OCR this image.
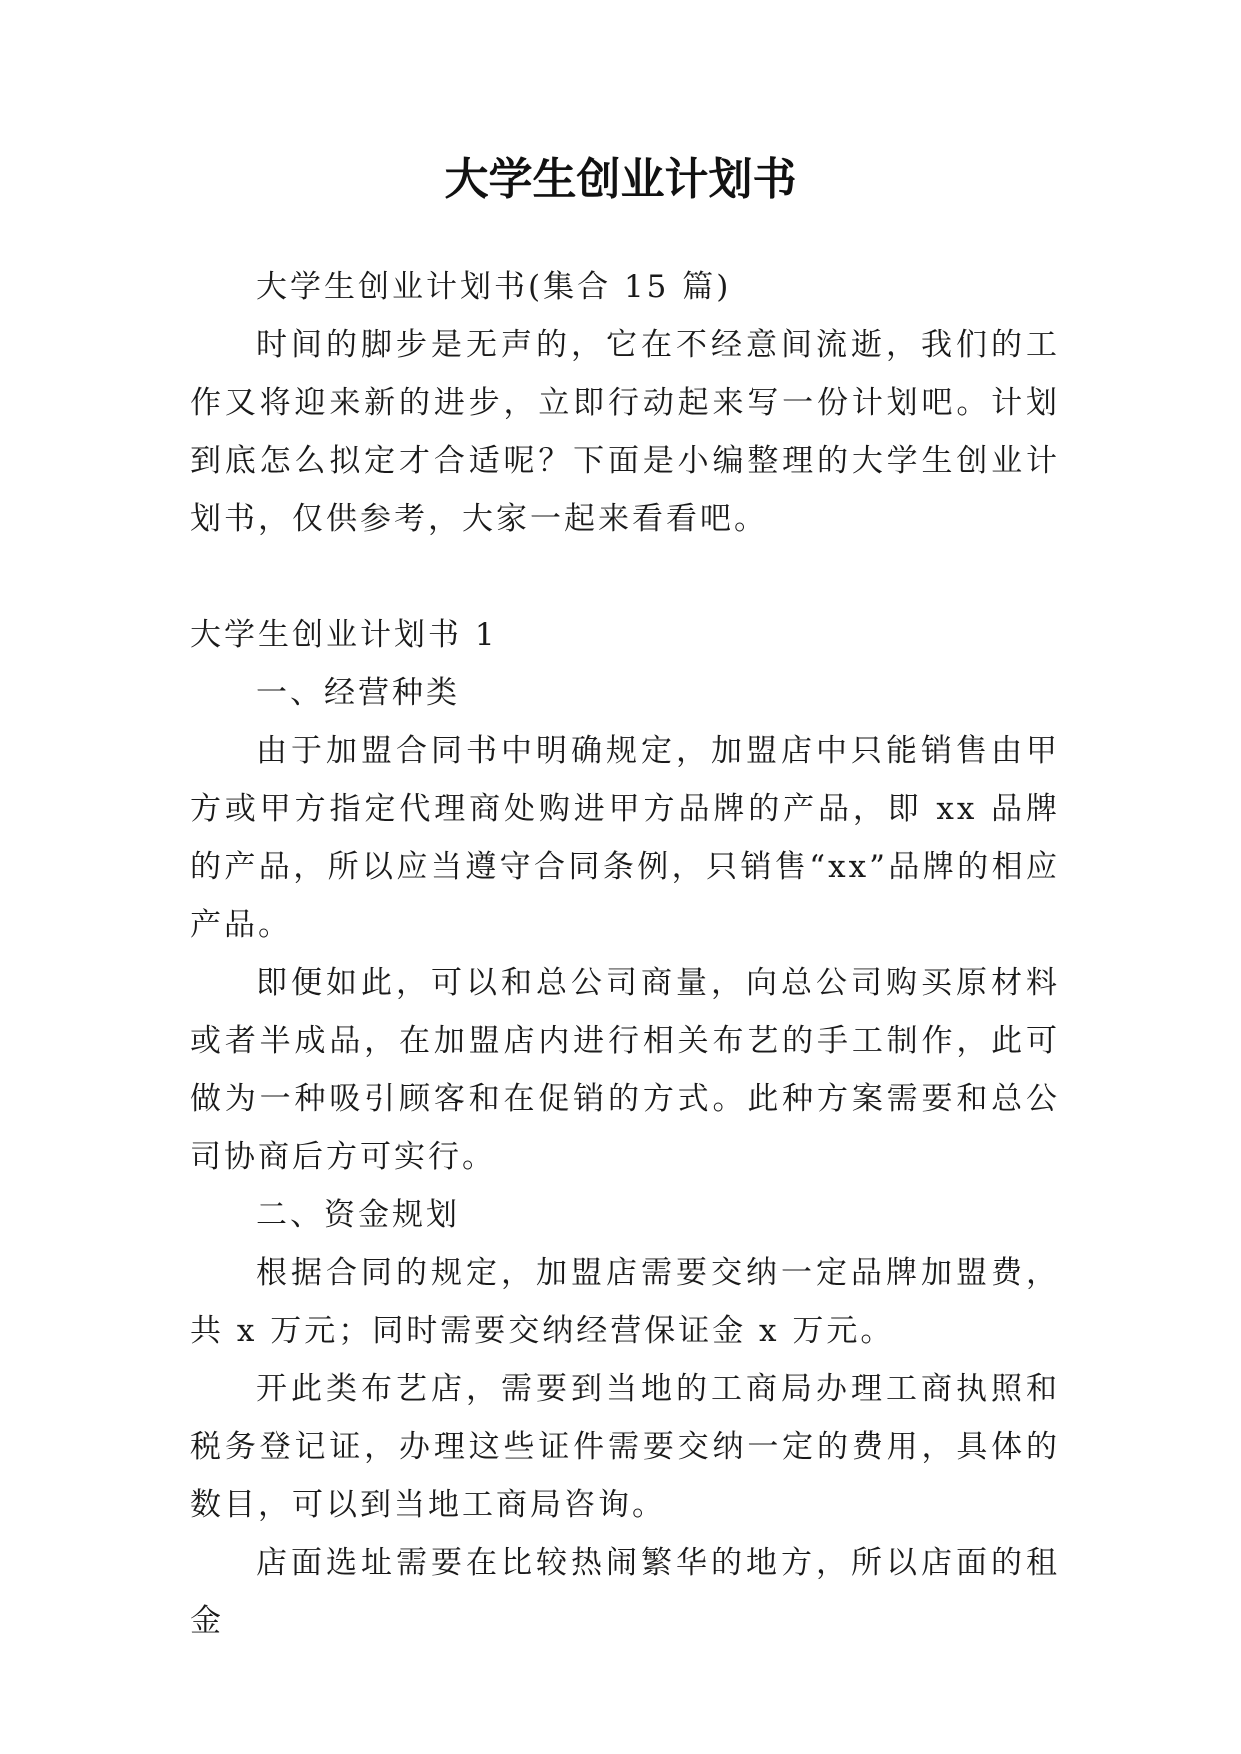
大学生创业计划书

大学生创业计划书(集合 15 篇)

时间的脚步是无声的，它在不经意间流逝，我们的工作又将迎来新的进步，立即行动起来写一份计划吧。计划到底怎么拟定才合适呢？下面是小编整理的大学生创业计划书，仅供参考，大家一起来看看吧。

大学生创业计划书 1

一、经营种类

由于加盟合同书中明确规定，加盟店中只能销售由甲方或甲方指定代理商处购进甲方品牌的产品，即 xx 品牌的产品，所以应当遵守合同条例，只销售“xx”品牌的相应产品。

即便如此，可以和总公司商量，向总公司购买原材料或者半成品，在加盟店内进行相关布艺的手工制作，此可做为一种吸引顾客和在促销的方式。此种方案需要和总公司协商后方可实行。

二、资金规划

根据合同的规定，加盟店需要交纳一定品牌加盟费，共 x 万元；同时需要交纳经营保证金 x 万元。

开此类布艺店，需要到当地的工商局办理工商执照和税务登记证，办理这些证件需要交纳一定的费用，具体的数目，可以到当地工商局咨询。

店面选址需要在比较热闹繁华的地方，所以店面的租金
